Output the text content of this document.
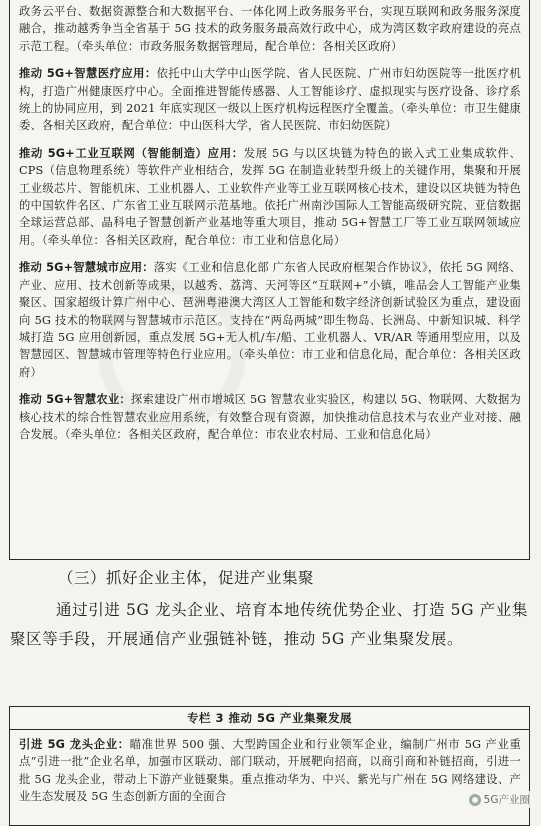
政务云平台、数据资源整合和大数据平台、一体化网上政务服务平台，实现互联网和政务服务深度融合，推动越秀争当全省基于 5G 技术的政务服务最高效行政中心，成为湾区数字政府建设的亮点示范工程。（牵头单位：市政务服务数据管理局，配合单位：各相关区政府）

推动 5G+智慧医疗应用：依托中山大学中山医学院、省人民医院、广州市妇幼医院等一批医疗机构，打造广州健康医疗中心。全面推进智能传感器、人工智能诊疗、虚拟现实与医疗设备、诊疗系统上的协同应用，到 2021 年底实现区一级以上医疗机构远程医疗全覆盖。（牵头单位：市卫生健康委、各相关区政府，配合单位：中山医科大学，省人民医院、市妇幼医院）

推动 5G+工业互联网（智能制造）应用：发展 5G 与以区块链为特色的嵌入式工业集成软件、CPS（信息物理系统）等软件产业相结合，发挥 5G 在制造业转型升级上的关键作用，集聚和开展工业级芯片、智能机床、工业机器人、工业软件产业等工业互联网核心技术，建设以区块链为特色的中国软件名区、广东省工业互联网示范基地。依托广州南沙国际人工智能高级研究院、亚信数据全球运营总部、晶科电子智慧创新产业基地等重大项目，推动 5G+智慧工厂等工业互联网领域应用。（牵头单位：各相关区政府，配合单位：市工业和信息化局）

推动 5G+智慧城市应用：落实《工业和信息化部 广东省人民政府框架合作协议》，依托 5G 网络、产业、应用、技术创新等成果，以越秀、荔湾、天河等区“互联网+”小镇，唯品会人工智能产业集聚区、国家超级计算广州中心、琶洲粤港澳大湾区人工智能和数字经济创新试验区为重点，建设面向 5G 技术的物联网与智慧城市示范区。支持在“两岛两城”即生物岛、长洲岛、中新知识城、科学城打造 5G 应用创新园，重点发展 5G+无人机/车/船、工业机器人、VR/AR 等通用型应用，以及智慧园区、智慧城市管理等特色行业应用。（牵头单位：市工业和信息化局，配合单位：各相关区政府）

推动 5G+智慧农业：探索建设广州市增城区 5G 智慧农业实验区，构建以 5G、物联网、大数据为核心技术的综合性智慧农业应用系统，有效整合现有资源，加快推动信息技术与农业产业对接、融合发展。（牵头单位：各相关区政府，配合单位：市农业农村局、工业和信息化局）

（三）抓好企业主体，促进产业集聚

通过引进 5G 龙头企业、培育本地传统优势企业、打造 5G 产业集聚区等手段，开展通信产业强链补链，推动 5G 产业集聚发展。

专栏 3 推动 5G 产业集聚发展

引进 5G 龙头企业：瞄准世界 500 强、大型跨国企业和行业领军企业，编制广州市 5G 产业重点“引进一批”企业名单，加强市区联动、部门联动，开展靶向招商，以商引商和补链招商，引进一批 5G 龙头企业，带动上下游产业链聚集。重点推动华为、中兴、紫光与广州在 5G 网络建设、产业生态发展及 5G 生态创新方面的全面合	5G产业圈
